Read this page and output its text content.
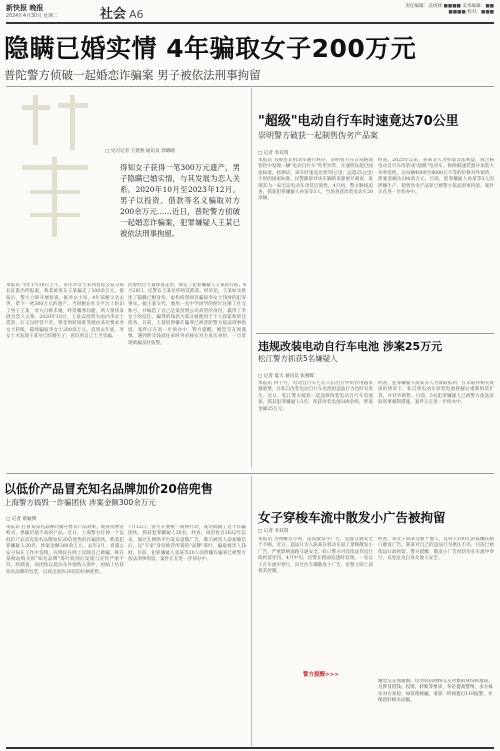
新快报 晚报
2024年4月30日 星期二	社会 A6
责任编辑：吴扬扬 ■■■■ 美术编辑：■■
■■■■ 校对：■■■
隐瞒已婚实情 4年骗取女子200万元
普陀警方侦破一起婚恋诈骗案 男子被依法刑事拘留
□ 见习记者 王建然 通讯员 郭晴晴
得知女子获得一笔300万元遗产，男子隐瞒已婚实情，与其发展为恋人关系。2020年10月至2023年12月，男子以投资、借款等名义骗取对方200余万元……近日，普陀警方侦破一起婚恋诈骗案，犯罪嫌疑人王某已被依法刑事拘留。
本报讯 今年1月19日上午，市民李女士来到普陀公安分局长征派出所报案，称其被男友王某骗走了200余万元。接报后，警方立即开展侦查。据李女士说，4年前她父亲去世，留下一笔300万元的遗产。当时她在社交平台上结识了男子王某，对方自称未婚，经常嘘寒问暖，两人很快发展为恋人关系。2020年10月，王某以投资为由向李女士借款，后又以经营不善、资金周转困难等理由多次要求李女士转账，陆续骗取李女士200余万元。直到去年底，李女士才发现王某早已结婚生子，意识到自己上当受骗。
民警经过大量排查走访，锁定了犯罪嫌疑人王某的行踪。4月28日，民警在王某住所将其抓获。经审讯，王某如实供述了隐瞒已婚身份、虚构投资项目骗取李女士钱财的犯罪事实。据王某交代，他用一名中学同学的照片注册了社交账号，并编造了自己是某投资公司高管的身份，赢得了李女士的信任。骗得的钱款大部分被他用于个人挥霍和偿还债务。目前，王某因涉嫌诈骗罪已被普陀警方依法刑事拘留，案件正在进一步侦办中。警方提醒，婚恋交友须谨慎，遇到涉及钱款往来时务必核实对方真实身份，一旦发现被骗及时报警。
"超级"电动自行车时速竟达70公里
崇明警方破获一起制售伪劣产品案
□ 记者 李双琪
本报讯 为规范非机动车通行秩序，崇明警方在日常路面管控中发现一辆"电动自行车"外形异常，车速明显超过国家标准。经测试，该车时速竟达到70公里，远超25公里/小时的国家标准。民警随即对该车辆的来源展开调查，发现其为一家无证电动车改装店销售。4月初，警方顺线追查，抓获犯罪嫌疑人孙某等3人，当场查获改装电动车20余辆。
经查，2023年以来，孙某等人为牟取非法利益，将合格电动自行车改装成"超级"电动车，拆除限速装置并加装大功率电机，以每辆4000至8000元不等的价格对外销售，涉案金额达100余万元。目前，犯罪嫌疑人孙某等3人因涉嫌生产、销售伪劣产品罪已被警方依法刑事拘留，案件正在进一步侦办中。
违规改装电动自行车电池 涉案25万元
松江警方抓获5名嫌疑人
□ 记者 夏天 通讯员 张燕晖
本报讯 四个月，电动自行车已在人们出行中的作用越来越重要，在私自改装电动自行车电池的违法行为也时有发生。近日，松江警方破获一起违规改装电动自行车电池案，抓获犯罪嫌疑人5名，查获改装电池300余组，涉案金额25万元。
经查，犯罪嫌疑人徐某等人为谋取私利，在未取得相关资质的情况下，私自将电动车原装电池拆解后重新组装扩容，并对外销售。目前，5名犯罪嫌疑人已被警方依法采取刑事强制措施，案件正在进一步侦办中。
以低价产品冒充知名品牌加价20倍兜售
上海警方捣毁一诈骗团伙 涉案金额300余万元
□ 记者 蔡颖博
本报讯 打着某知名品牌的旗号售卖产品效果，使得消费者购买、诱骗价值不高的产品。近日，上海警方打掉一个以低价产品冒充知名品牌加价20倍兜售的诈骗团伙，抓获犯罪嫌疑人20名，涉案金额300余万元。去年2月，青浦公安分局在工作中发现，有网民在网上反映自己被骗，称在某网站购买的"知名品牌"茶叶收到后发现与宣传严重不符。经调查，该团伙以低价从外地购入茶叶，再贴上仿冒知名品牌的包装，以高出原价20倍的价格兜售。
7月12日，警方开展统一收网行动，成功捣毁了这个诈骗团伙，抓获犯罪嫌疑人20名。经查，该团伙自2022年以来，通过在网络平台发布虚假广告，吸引被害人添加微信后，以"专家"身份推荐所谓的"品牌"茶叶，骗取被害人钱财。目前，犯罪嫌疑人张某等20人因涉嫌诈骗罪已被警方依法刑事拘留，案件正在进一步侦办中。
女子穿梭车流中散发小广告被拘留
□ 记者 李双琪
本报讯 为图赚点小利，违法散发小广告，竟置交通安全于不顾。近日，违法行为人陈某在机动车道上穿梭散发小广告，严重影响道路交通安全。虹口警方对其依法作出行政拘留处罚。4月中旬，民警在路面巡逻时发现，一名女子在车流中穿行，向过往车辆散发小广告，民警立即上前将其控制。
经查，该女子陈某受雇于他人，以每天100元的报酬在路口散发广告。陈某对自己的违法行为供认不讳，目前已被依法行政拘留。警方提醒：散发小广告时切勿在车流中穿行，以免危及自身及他人安全。
警方提醒>>>
婚恋交友须谨慎，切勿轻信网络交友对象的身份和承诺。凡涉及借钱、投资、转账等要求，务必提高警惕，多方核实对方身份。如发现被骗，请第一时间拨打110报警，并保留好相关证据。
